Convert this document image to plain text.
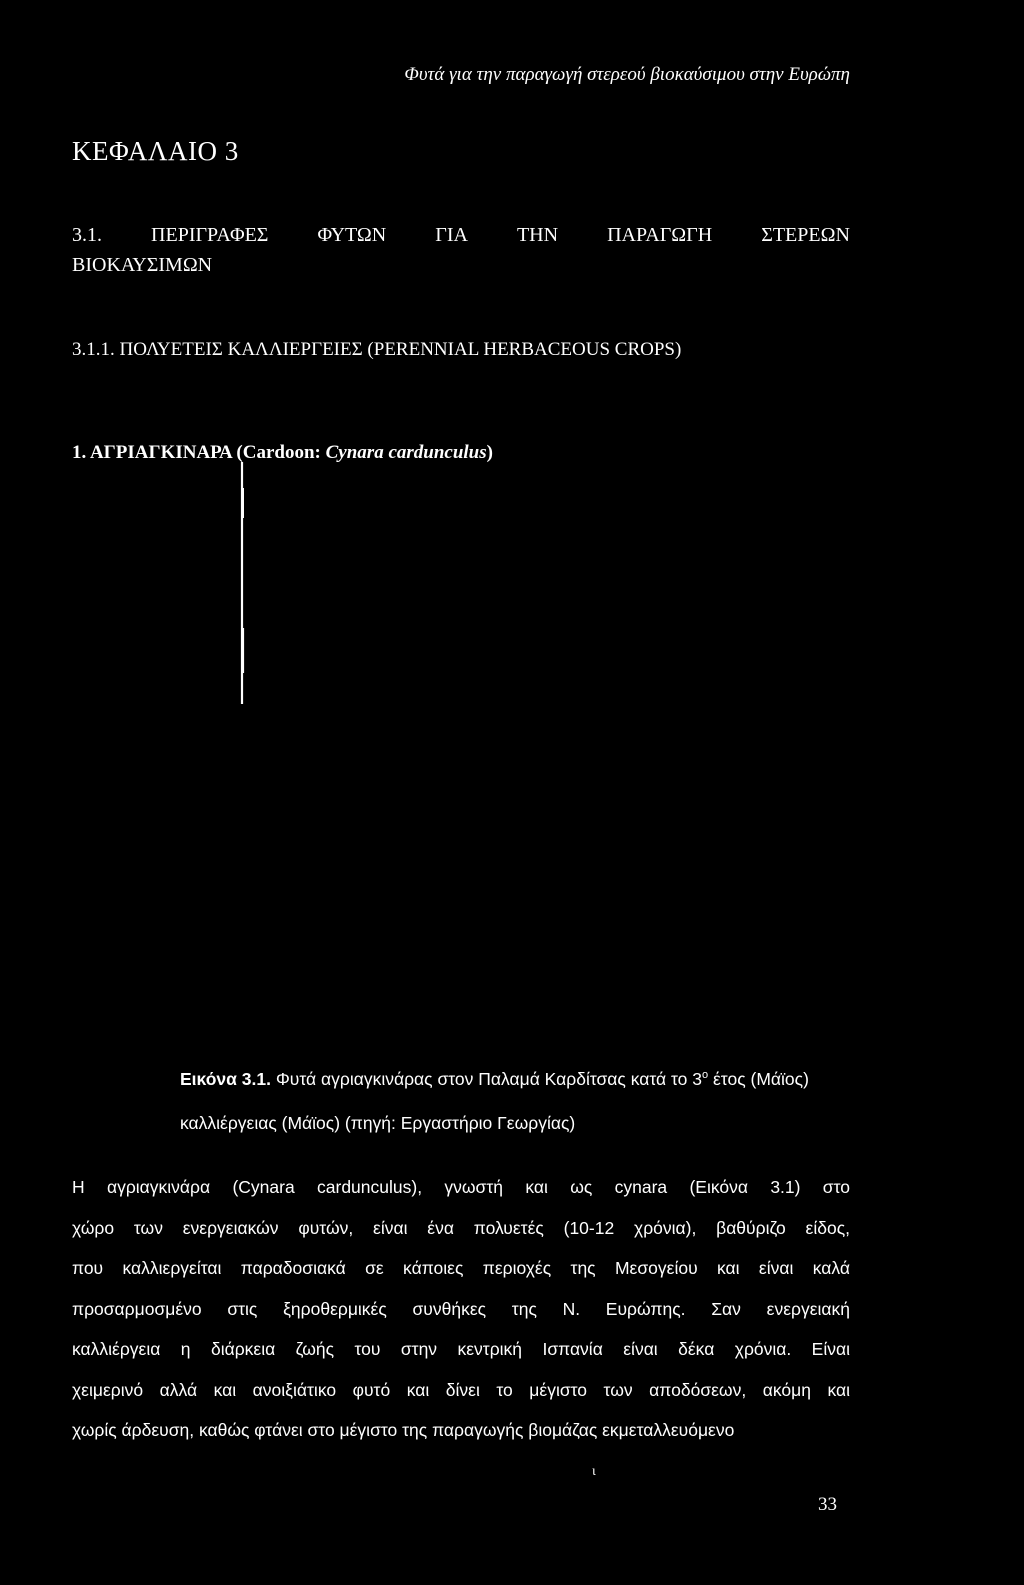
Φυτά για την παραγωγή στερεού βιοκαύσιμου στην Ευρώπη
ΚΕΦΑΛΑΙΟ 3
3.1. ΠΕΡΙΓΡΑΦΕΣ ΦΥΤΩΝ ΓΙΑ ΤΗΝ ΠΑΡΑΓΩΓΗ ΣΤΕΡΕΩΝ
ΒΙΟΚΑΥΣΙΜΩΝ
3.1.1. ΠΟΛΥΕΤΕΙΣ ΚΑΛΛΙΕΡΓΕΙΕΣ (PERENNIAL HERBACEOUS CROPS)
1. ΑΓΡΙΑΓΚΙΝΑΡΑ (Cardoon: Cynara cardunculus)
Εικόνα 3.1. Φυτά αγριαγκινάρας στον Παλαμά Καρδίτσας κατά το $3^o$ έτος (Μάϊος) καλλιέργειας (Μάϊος) (πηγή: Εργαστήριο Γεωργίας)
Η αγριαγκινάρα (Cynara cardunculus), γνωστή και ως cynara (Εικόνα 3.1) στο
χώρο των ενεργειακών φυτών, είναι ένα πολυετές (10-12 χρόνια), βαθύριζο είδος,
που καλλιεργείται παραδοσιακά σε κάποιες περιοχές της Μεσογείου και είναι καλά
προσαρμοσμένο στις ξηροθερμικές συνθήκες της Ν. Ευρώπης. Σαν ενεργειακή
καλλιέργεια η διάρκεια ζωής του στην κεντρική Ισπανία είναι δέκα χρόνια. Είναι
χειμερινό αλλά και ανοιξιάτικο φυτό και δίνει το μέγιστο των αποδόσεων, ακόμη και
χωρίς άρδευση, καθώς φτάνει στο μέγιστο της παραγωγής βιομάζας εκμεταλλευόμενο
ι
33
